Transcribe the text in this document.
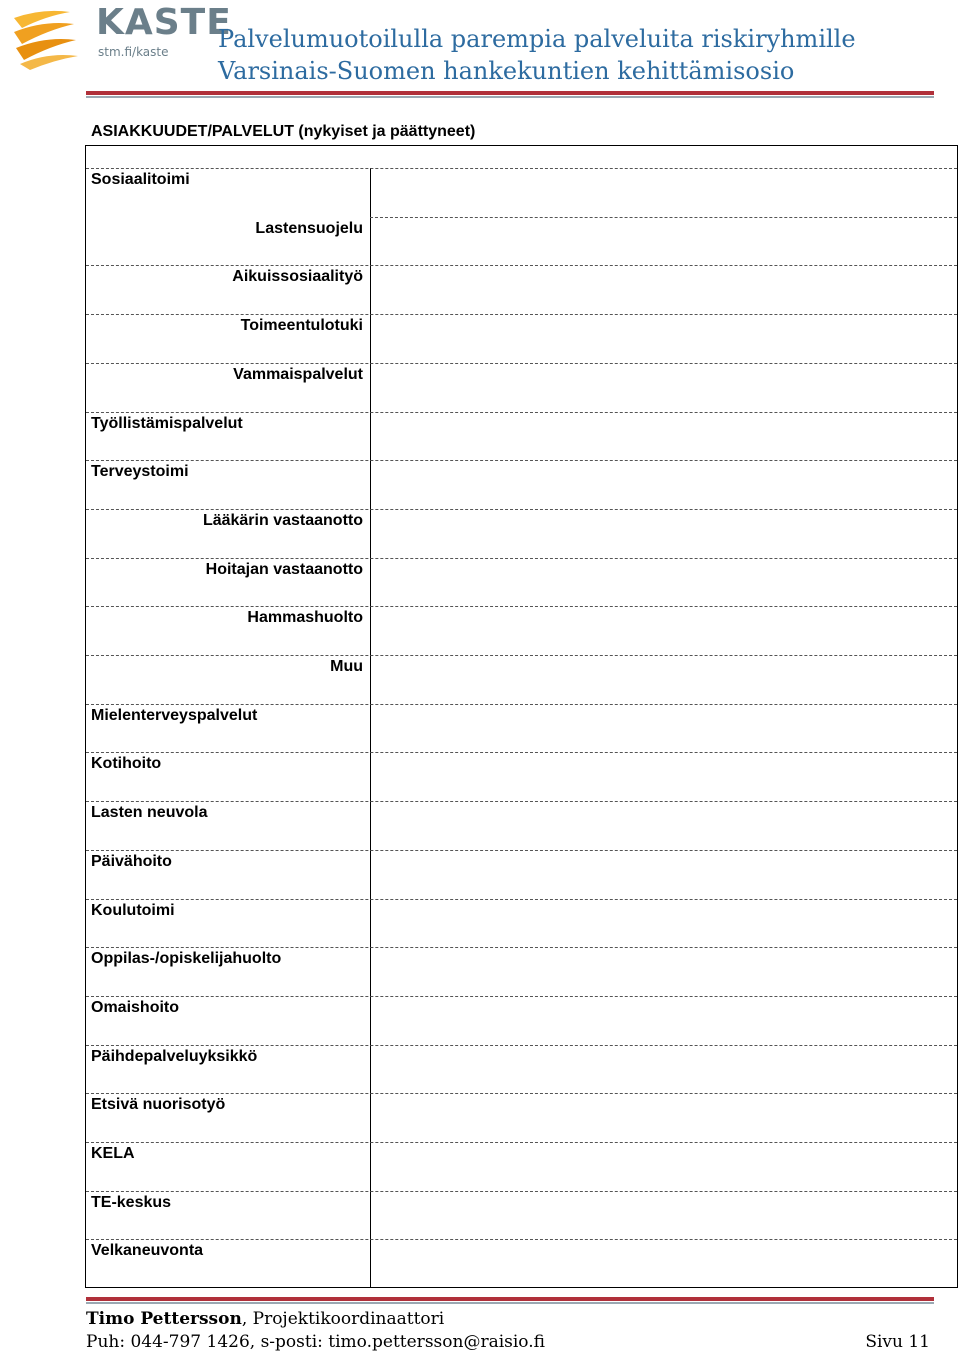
KASTE
stm.fi/kaste Palvelumuotoilulla parempia palveluita riskiryhmille
Varsinais-Suomen hankekuntien kehittämisosio
ASIAKKUUDET/PALVELUT (nykyiset ja päättyneet)
Sosiaalitoimi
Lastensuojelu
Aikuissosiaalityö
Toimeentulotuki
Vammaispalvelut
Työllistämispalvelut
Terveystoimi
Lääkärin vastaanotto
Hoitajan vastaanotto
Hammashuolto
Muu
Mielenterveyspalvelut
Kotihoito
Lasten neuvola
Päivähoito
Koulutoimi
Oppilas-/opiskelijahuolto
Omaishoito
Päihdepalveluyksikkö
Etsivä nuorisotyö
KELA
TE-keskus
Velkaneuvonta
Timo Pettersson, Projektikoordinaattori
Puh: 044-797 1426, s-posti: timo.pettersson@raisio.fi	Sivu 11
